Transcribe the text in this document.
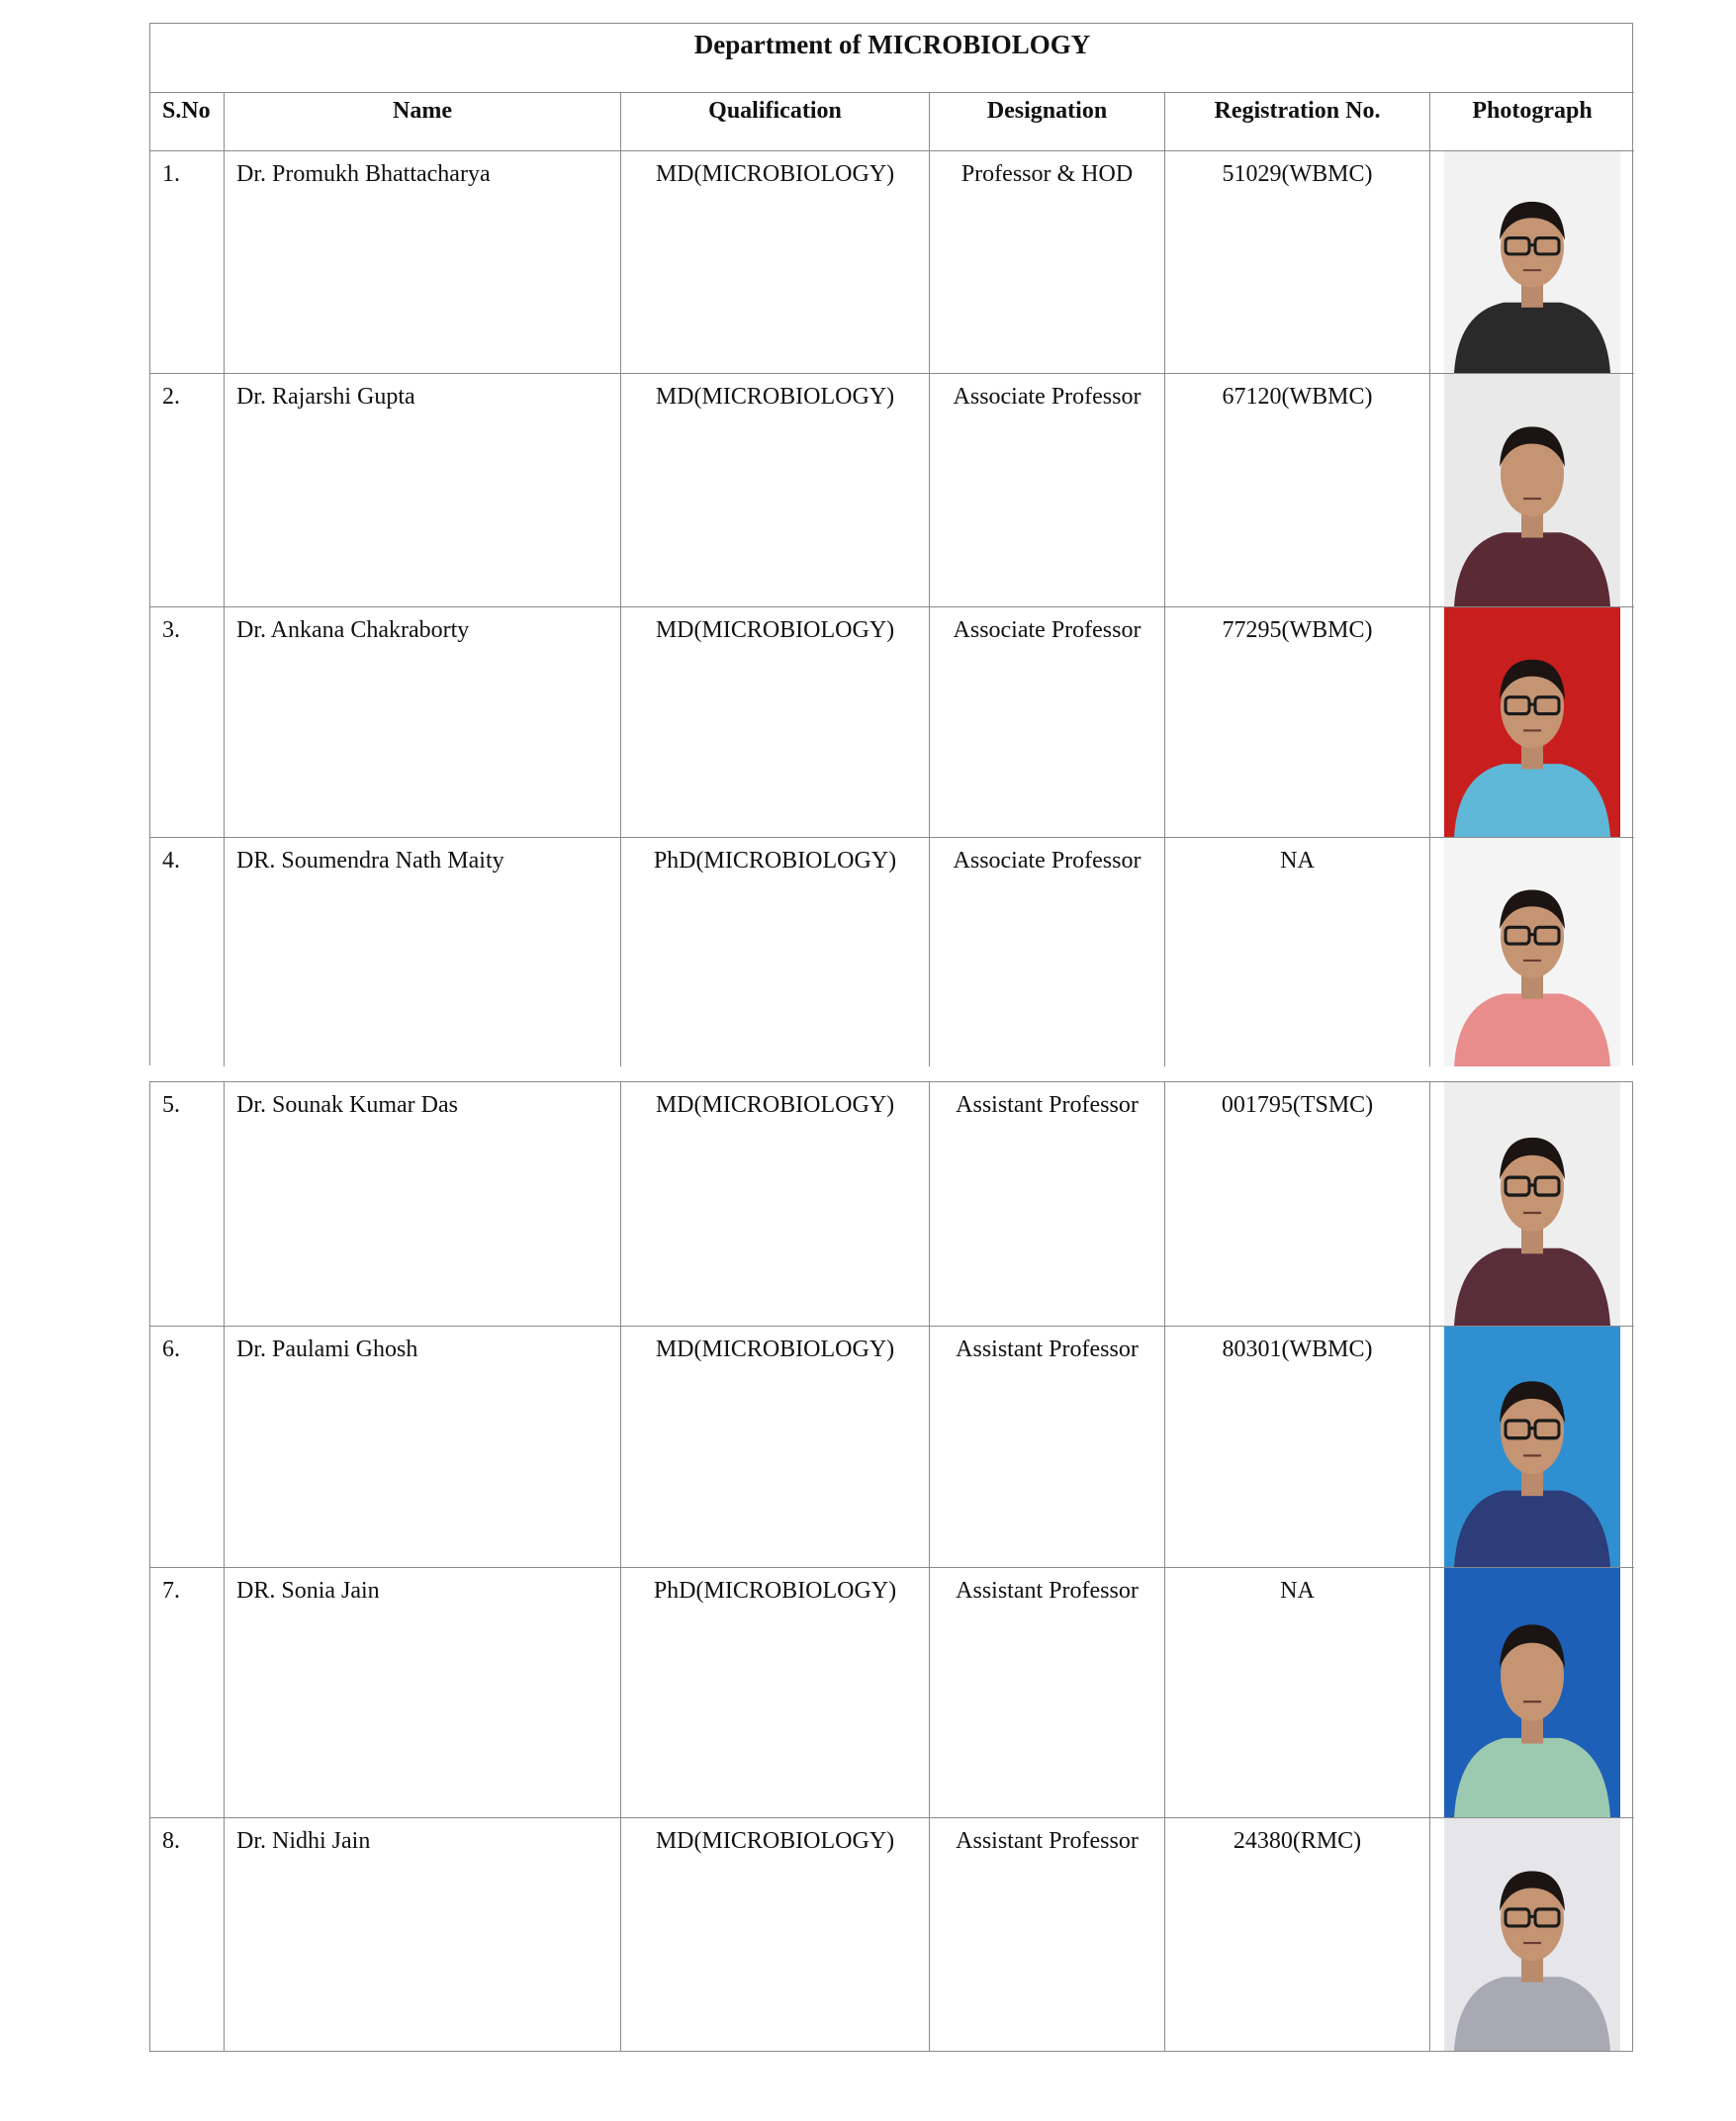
Department of MICROBIOLOGY
S.No	Name	Qualification	Designation	Registration No.	Photograph
1.	Dr. Promukh Bhattacharya	MD(MICROBIOLOGY)	Professor & HOD	51029(WBMC)
2.	Dr. Rajarshi Gupta	MD(MICROBIOLOGY)	Associate Professor	67120(WBMC)
3.	Dr. Ankana Chakraborty	MD(MICROBIOLOGY)	Associate Professor	77295(WBMC)
4.	DR. Soumendra Nath Maity	PhD(MICROBIOLOGY)	Associate Professor	NA
5.	Dr. Sounak Kumar Das	MD(MICROBIOLOGY)	Assistant Professor	001795(TSMC)
6.	Dr. Paulami Ghosh	MD(MICROBIOLOGY)	Assistant Professor	80301(WBMC)
7.	DR. Sonia Jain	PhD(MICROBIOLOGY)	Assistant Professor	NA
8.	Dr. Nidhi Jain	MD(MICROBIOLOGY)	Assistant Professor	24380(RMC)
